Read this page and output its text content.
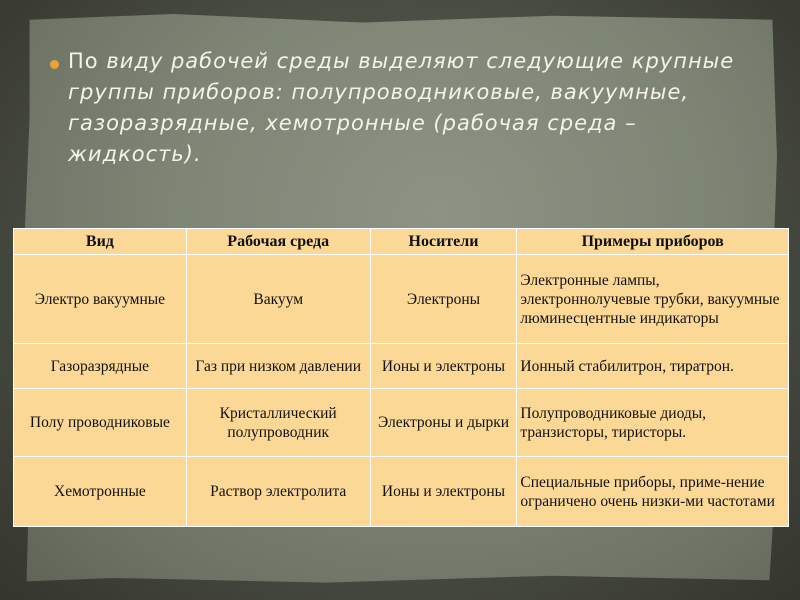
По виду рабочей среды выделяют следующие крупные группы приборов: полупроводниковые, вакуумные, газоразрядные, хемотронные (рабочая среда – жидкость).

Вид	Рабочая среда	Носители	Примеры приборов
Электро вакуумные	Вакуум	Электроны	Электронные лампы, электроннолучевые трубки, вакуумные люминесцентные индикаторы
Газоразрядные	Газ при низком давлении	Ионы и электроны	Ионный стабилитрон, тиратрон.
Полу проводниковые	Кристаллический полупроводник	Электроны и дырки	Полупроводниковые диоды, транзисторы, тиристоры.
Хемотронные	Раствор электролита	Ионы и электроны	Специальные приборы, приме-нение ограничено очень низки-ми частотами
